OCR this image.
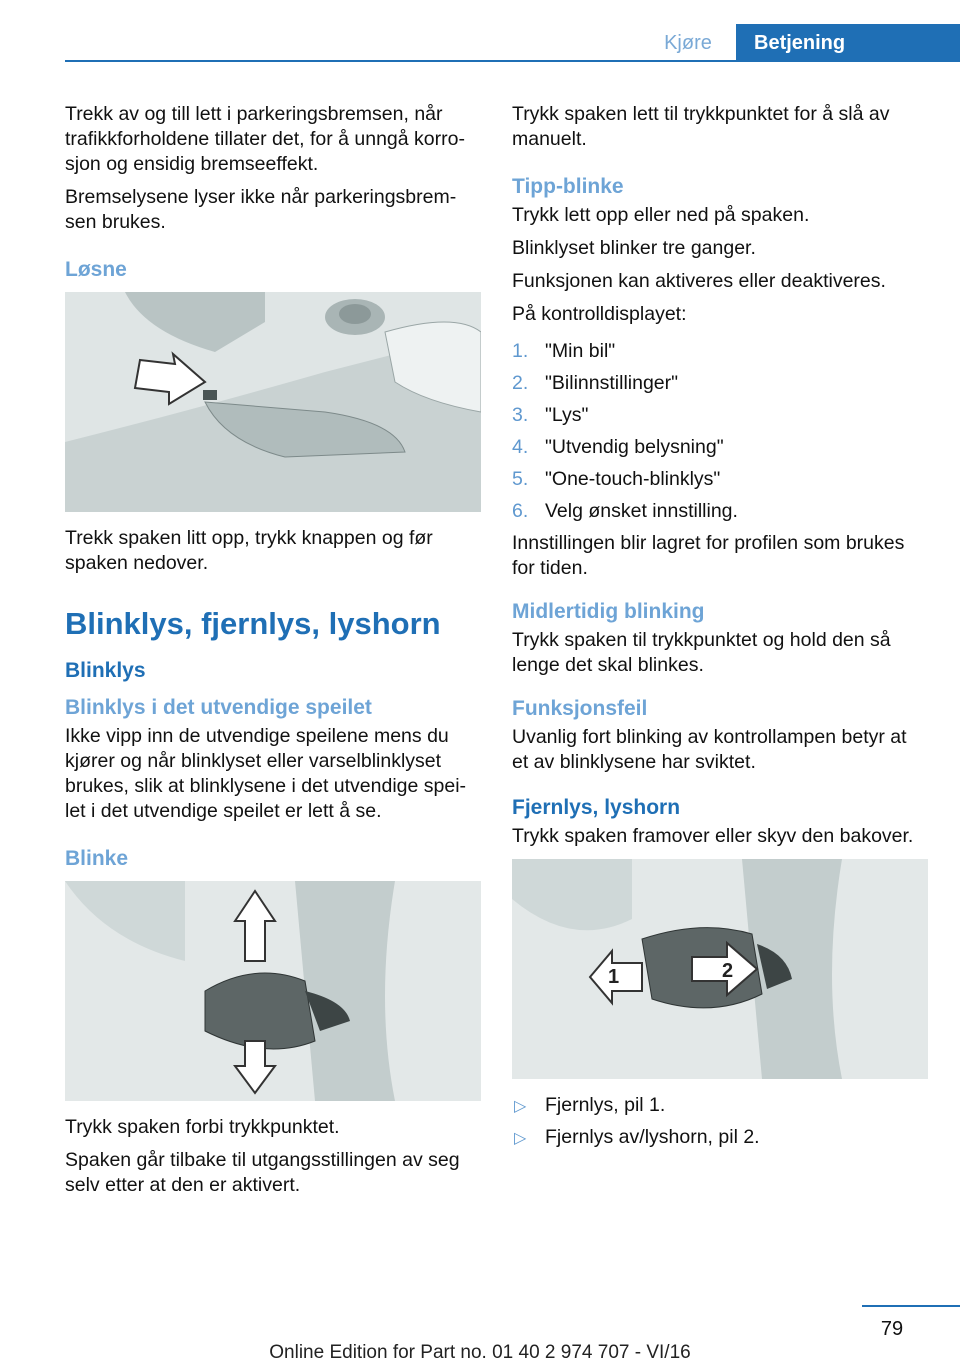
Kjøre	Betjening

Trekk av og till lett i parkeringsbremsen, når trafikkforholdene tillater det, for å unngå korro-sjon og ensidig bremseeffekt.

Bremselysene lyser ikke når parkeringsbrem-sen brukes.

Løsne

Trekk spaken litt opp, trykk knappen og før spaken nedover.

Blinklys, fjernlys, lyshorn
Blinklys
Blinklys i det utvendige speilet

Ikke vipp inn de utvendige speilene mens du kjører og når blinklyset eller varselblinklyset brukes, slik at blinklysene i det utvendige spei-let i det utvendige speilet er lett å se.

Blinke

Trykk spaken forbi trykkpunktet.

Spaken går tilbake til utgangsstillingen av seg selv etter at den er aktivert.

Trykk spaken lett til trykkpunktet for å slå av manuelt.

Tipp-blinke

Trykk lett opp eller ned på spaken.

Blinklyset blinker tre ganger.

Funksjonen kan aktiveres eller deaktiveres.

På kontrolldisplayet:

1. "Min bil"
2. "Bilinnstillinger"
3. "Lys"
4. "Utvendig belysning"
5. "One-touch-blinklys"
6. Velg ønsket innstilling.

Innstillingen blir lagret for profilen som brukes for tiden.

Midlertidig blinking

Trykk spaken til trykkpunktet og hold den så lenge det skal blinkes.

Funksjonsfeil

Uvanlig fort blinking av kontrollampen betyr at et av blinklysene har sviktet.

Fjernlys, lyshorn

Trykk spaken framover eller skyv den bakover.

1	2
▷ Fjernlys, pil 1.
▷ Fjernlys av/lyshorn, pil 2.
79
Online Edition for Part no. 01 40 2 974 707 - VI/16
